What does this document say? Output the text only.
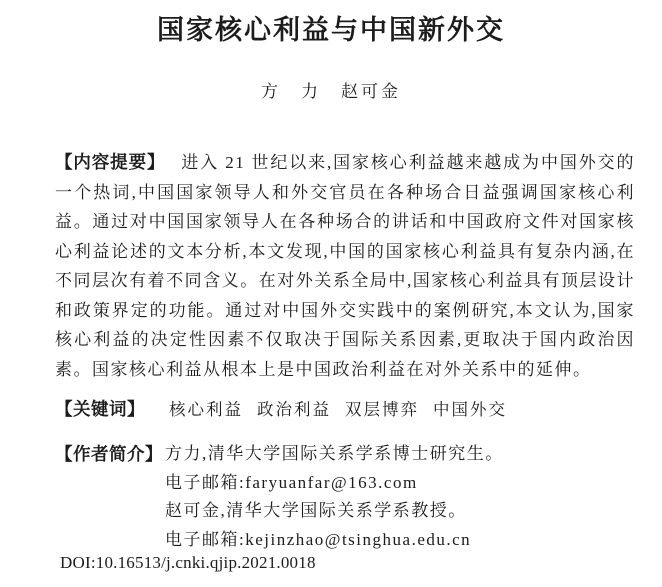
国家核心利益与中国新外交
方　力　赵可金

【内容提要】 进入 21 世纪以来,国家核心利益越来越成为中国外交的一个热词,中国国家领导人和外交官员在各种场合日益强调国家核心利益。通过对中国国家领导人在各种场合的讲话和中国政府文件对国家核心利益论述的文本分析,本文发现,中国的国家核心利益具有复杂内涵,在不同层次有着不同含义。在对外关系全局中,国家核心利益具有顶层设计和政策界定的功能。通过对中国外交实践中的案例研究,本文认为,国家核心利益的决定性因素不仅取决于国际关系因素,更取决于国内政治因素。国家核心利益从根本上是中国政治利益在对外关系中的延伸。

【关键词】 核心利益 政治利益 双层博弈 中国外交
【作者简介】 方力,清华大学国际关系学系博士研究生。
电子邮箱:faryuanfar@163.com
赵可金,清华大学国际关系学系教授。
电子邮箱:kejinzhao@tsinghua.edu.cn
DOI:10.16513/j.cnki.qjip.2021.0018
